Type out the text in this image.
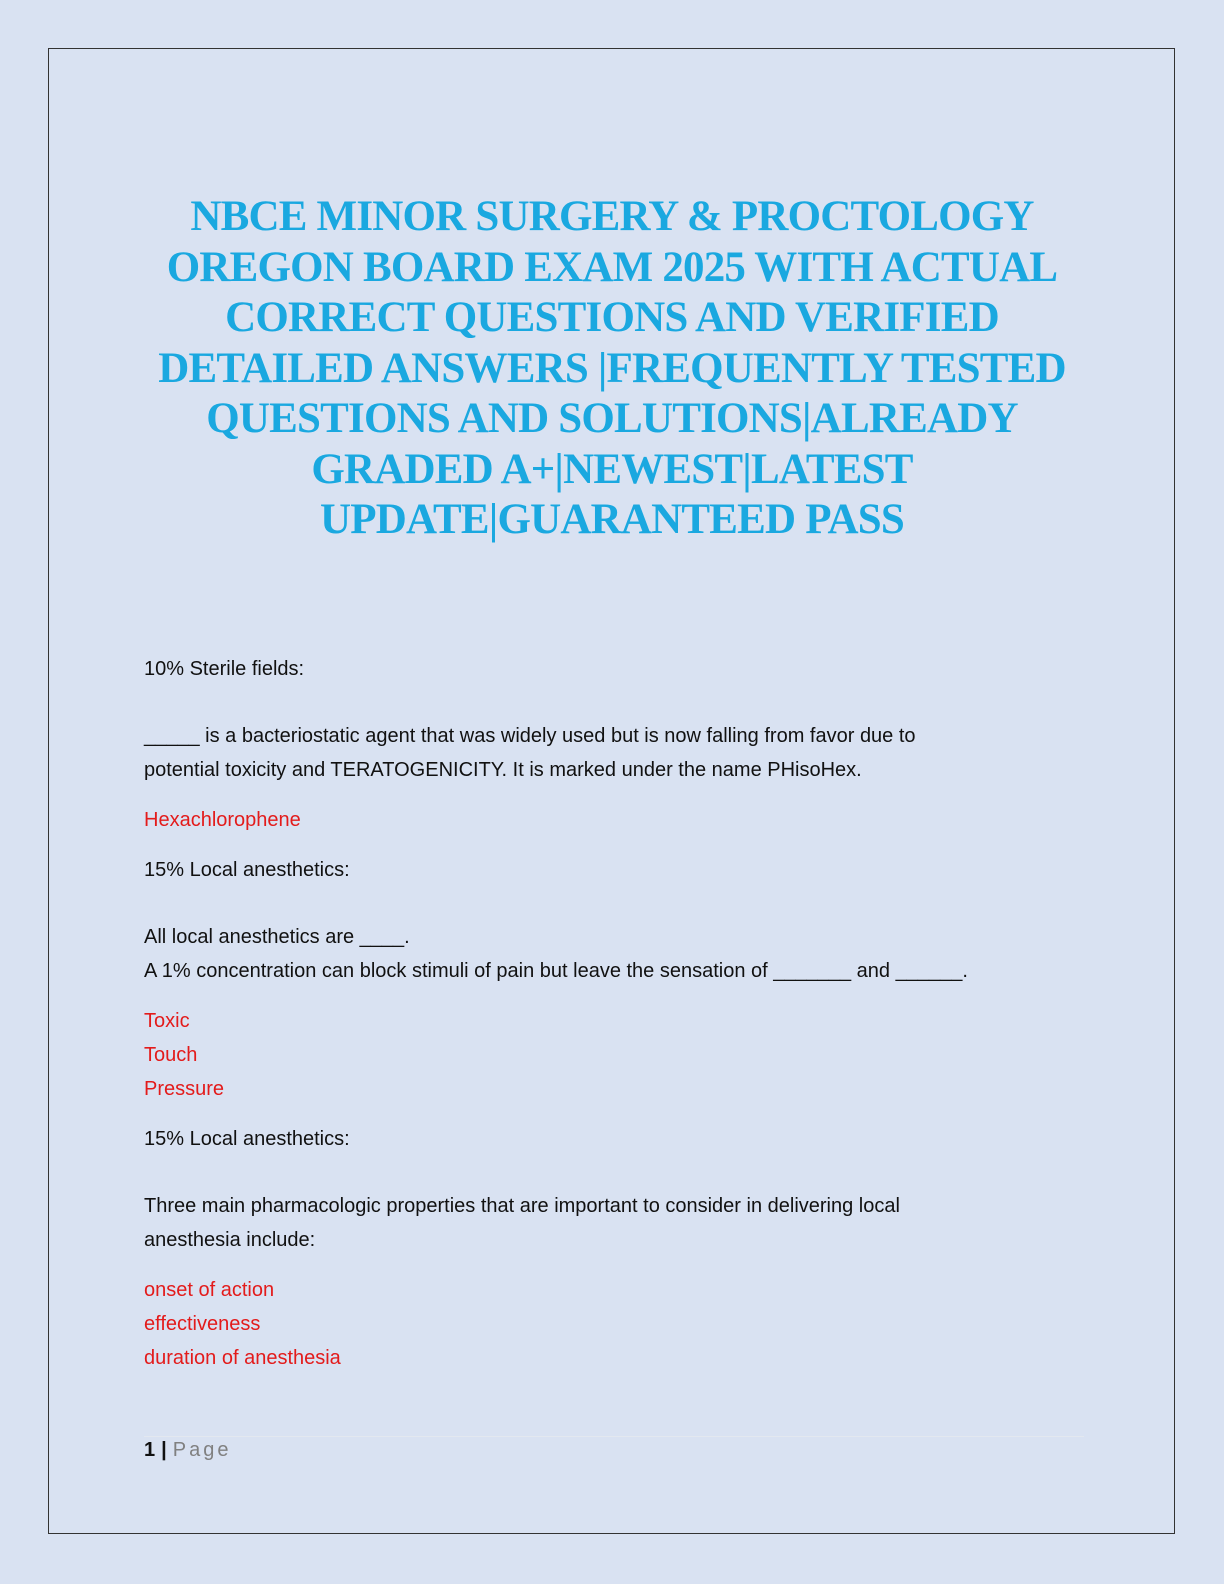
NBCE MINOR SURGERY & PROCTOLOGY OREGON BOARD EXAM 2025 WITH ACTUAL CORRECT QUESTIONS AND VERIFIED DETAILED ANSWERS |FREQUENTLY TESTED QUESTIONS AND SOLUTIONS|ALREADY GRADED A+|NEWEST|LATEST UPDATE|GUARANTEED PASS

10% Sterile fields:

_____ is a bacteriostatic agent that was widely used but is now falling from favor due to

potential toxicity and TERATOGENICITY. It is marked under the name PHisoHex.

Hexachlorophene

15% Local anesthetics:

All local anesthetics are ____.

A 1% concentration can block stimuli of pain but leave the sensation of _______ and ______.

Toxic

Touch

Pressure

15% Local anesthetics:

Three main pharmacologic properties that are important to consider in delivering local

anesthesia include:

onset of action

effectiveness

duration of anesthesia

1 | Page
